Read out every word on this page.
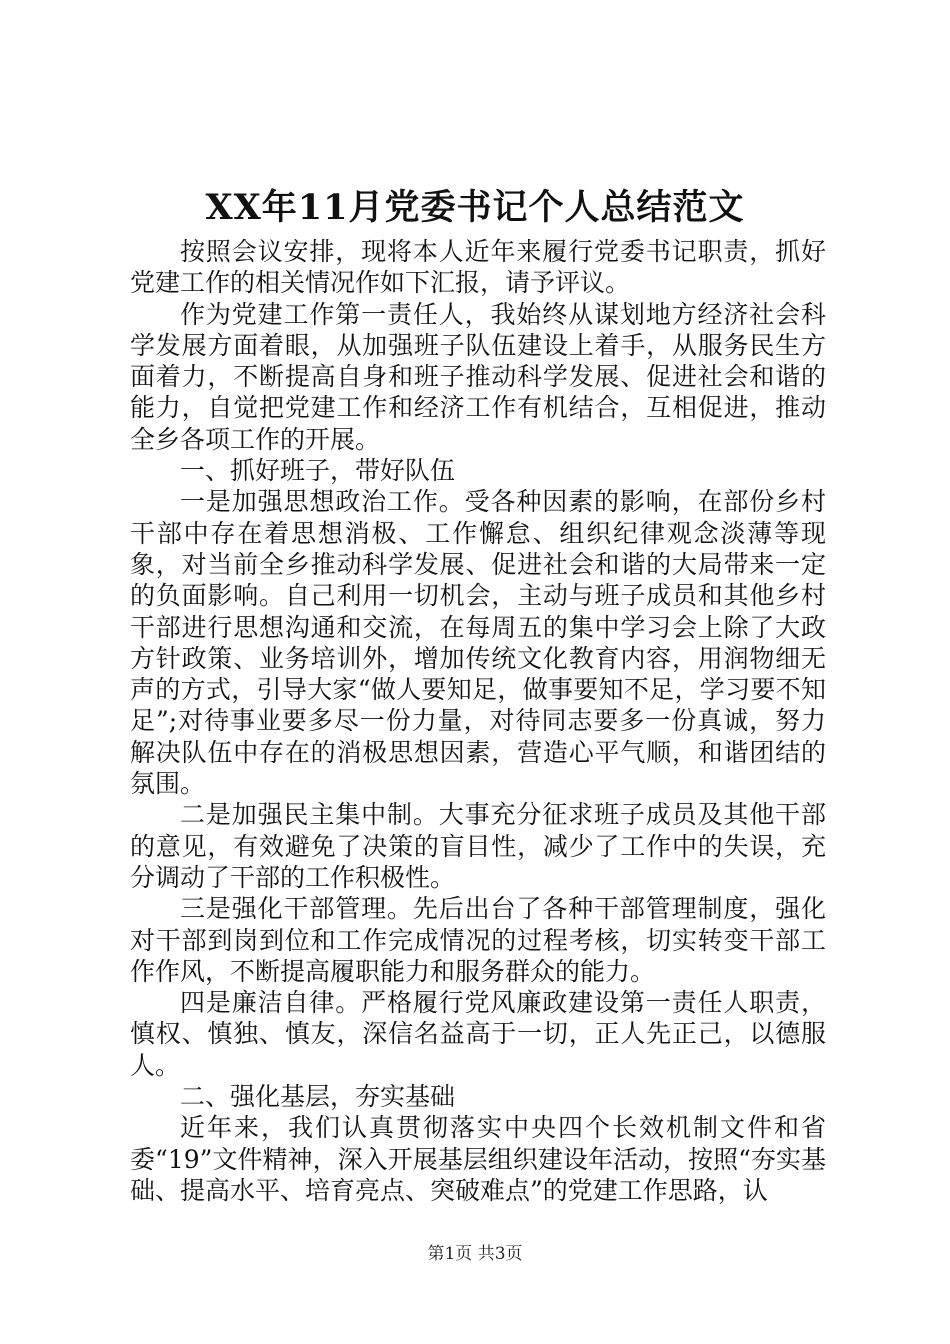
XX年11月党委书记个人总结范文

按照会议安排，现将本人近年来履行党委书记职责，抓好党建工作的相关情况作如下汇报，请予评议。

作为党建工作第一责任人，我始终从谋划地方经济社会科学发展方面着眼，从加强班子队伍建设上着手，从服务民生方面着力，不断提高自身和班子推动科学发展、促进社会和谐的能力，自觉把党建工作和经济工作有机结合，互相促进，推动全乡各项工作的开展。

一、抓好班子，带好队伍

一是加强思想政治工作。受各种因素的影响，在部份乡村干部中存在着思想消极、工作懈怠、组织纪律观念淡薄等现象，对当前全乡推动科学发展、促进社会和谐的大局带来一定的负面影响。自己利用一切机会，主动与班子成员和其他乡村干部进行思想沟通和交流，在每周五的集中学习会上除了大政方针政策、业务培训外，增加传统文化教育内容，用润物细无声的方式，引导大家“做人要知足，做事要知不足，学习要不知足”;对待事业要多尽一份力量，对待同志要多一份真诚，努力解决队伍中存在的消极思想因素，营造心平气顺，和谐团结的氛围。

二是加强民主集中制。大事充分征求班子成员及其他干部的意见，有效避免了决策的盲目性，减少了工作中的失误，充分调动了干部的工作积极性。

三是强化干部管理。先后出台了各种干部管理制度，强化对干部到岗到位和工作完成情况的过程考核，切实转变干部工作作风，不断提高履职能力和服务群众的能力。

四是廉洁自律。严格履行党风廉政建设第一责任人职责，慎权、慎独、慎友，深信名益高于一切，正人先正己，以德服人。

二、强化基层，夯实基础

近年来，我们认真贯彻落实中央四个长效机制文件和省委“19”文件精神，深入开展基层组织建设年活动，按照“夯实基础、提高水平、培育亮点、突破难点”的党建工作思路，认

第1页 共3页
